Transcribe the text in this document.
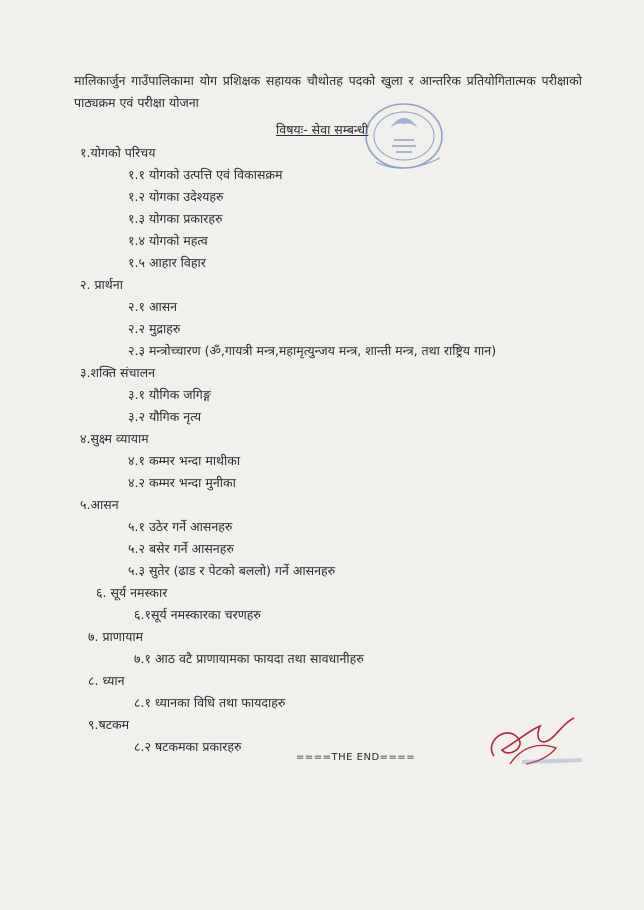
मालिकार्जुन गाउँपालिकामा योग प्रशिक्षक सहायक चौथोतह पदको खुला र आन्तरिक प्रतियोगितात्मक परीक्षाको पाठ्यक्रम एवं परीक्षा योजना
विषयः- सेवा सम्बन्धी
१.योगको परिचय
१.१ योगको उत्पत्ति एवं विकासक्रम
१.२ योगका उदेश्यहरु
१.३ योगका प्रकारहरु
१.४ योगको महत्व
१.५ आहार विहार
२. प्रार्थना
२.१ आसन
२.२ मुद्राहरु
२.३ मन्त्रोच्चारण (ॐ,गायत्री मन्त्र,महामृत्युन्जय मन्त्र, शान्ती मन्त्र, तथा राष्ट्रिय गान)
३.शक्ति संचालन
३.१ यौगिक जगिङ्ग
३.२ यौगिक नृत्य
४.सुक्ष्म व्यायाम
४.१ कम्मर भन्दा माथीका
४.२ कम्मर भन्दा मुनीका
५.आसन
५.१ उठेर गर्ने आसनहरु
५.२ बसेर गर्ने आसनहरु
५.३ सुतेर (ढाड र पेटको बललो) गर्ने आसनहरु
६. सूर्य नमस्कार
६.१सूर्य नमस्कारका चरणहरु
७. प्राणायाम
७.१ आठ वटै प्राणायामका फायदा तथा सावधानीहरु
८. ध्यान
८.१ ध्यानका विधि तथा फायदाहरु
९.षटकम
८.२ षटकमका प्रकारहरु
====THE END====
